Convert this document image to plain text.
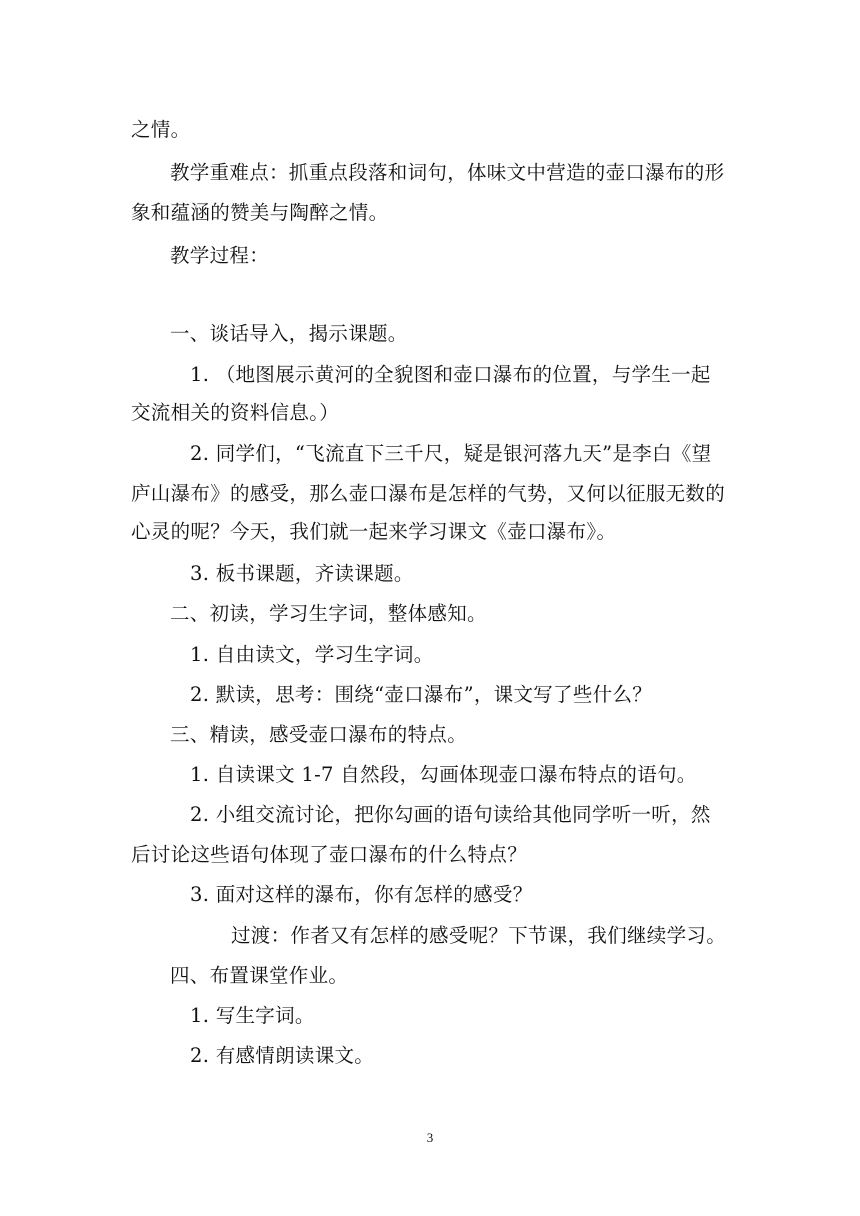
之情。
教学重难点：抓重点段落和词句，体味文中营造的壶口瀑布的形
象和蕴涵的赞美与陶醉之情。
教学过程：
一、谈话导入，揭示课题。
1. （地图展示黄河的全貌图和壶口瀑布的位置，与学生一起
交流相关的资料信息。）
2. 同学们，“飞流直下三千尺，疑是银河落九天”是李白《望
庐山瀑布》的感受，那么壶口瀑布是怎样的气势，又何以征服无数的
心灵的呢？今天，我们就一起来学习课文《壶口瀑布》。
3. 板书课题，齐读课题。
二、初读，学习生字词，整体感知。
1. 自由读文，学习生字词。
2. 默读，思考：围绕“壶口瀑布”，课文写了些什么？
三、精读，感受壶口瀑布的特点。
1. 自读课文 1-7 自然段，勾画体现壶口瀑布特点的语句。
2. 小组交流讨论，把你勾画的语句读给其他同学听一听，然
后讨论这些语句体现了壶口瀑布的什么特点？
3. 面对这样的瀑布，你有怎样的感受？
过渡：作者又有怎样的感受呢？下节课，我们继续学习。
四、布置课堂作业。
1. 写生字词。
2. 有感情朗读课文。
3
